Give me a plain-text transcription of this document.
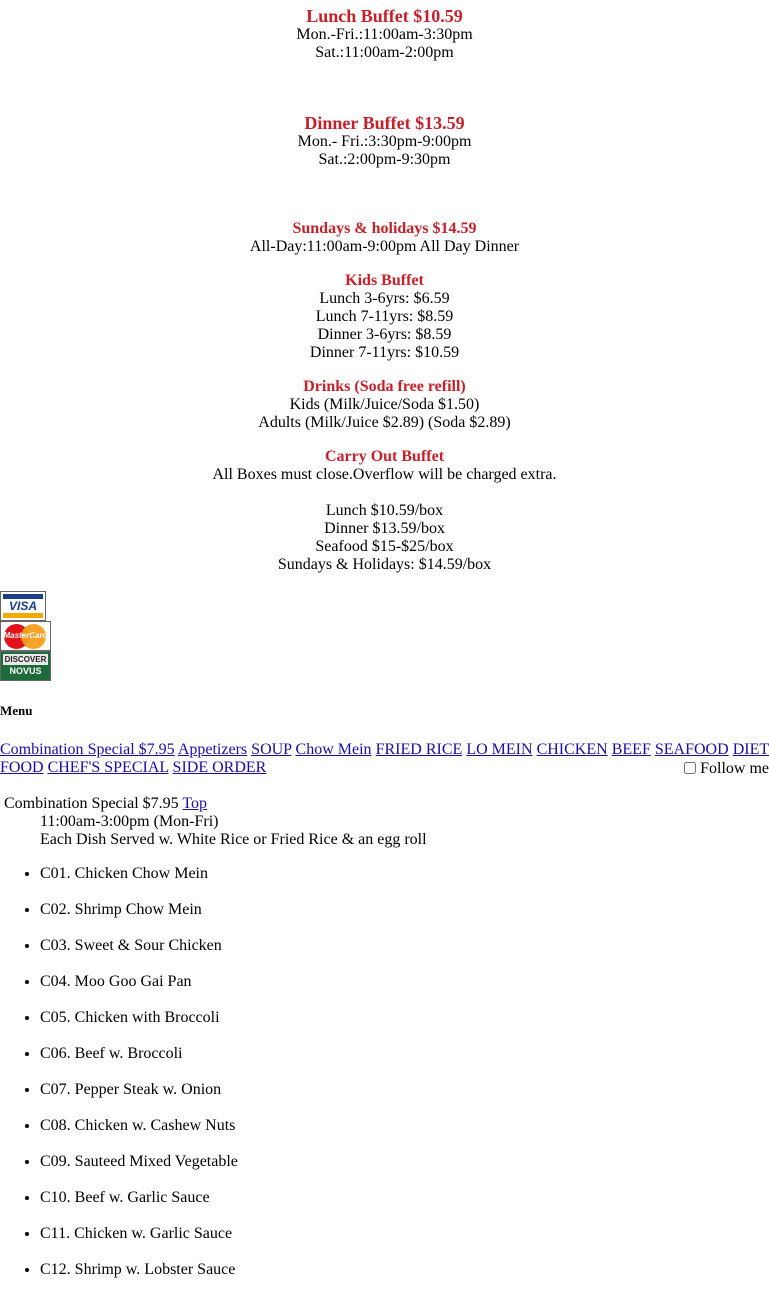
Lunch Buffet $10.59
Mon.-Fri.:11:00am-3:30pm
Sat.:11:00am-2:00pm
Dinner Buffet $13.59
Mon.- Fri.:3:30pm-9:00pm
Sat.:2:00pm-9:30pm
Sundays & holidays $14.59
All-Day:11:00am-9:00pm All Day Dinner
Kids Buffet
Lunch 3-6yrs: $6.59
Lunch 7-11yrs: $8.59
Dinner 3-6yrs: $8.59
Dinner 7-11yrs: $10.59
Drinks (Soda free refill)
Kids (Milk/Juice/Soda $1.50)
Adults (Milk/Juice $2.89) (Soda $2.89)
Carry Out Buffet
All Boxes must close.Overflow will be charged extra.
Lunch $10.59/box
Dinner $13.59/box
Seafood $15-$25/box
Sundays & Holidays: $14.59/box
VISA
MasterCard
DISCOVER
NOVUS
Menu
Combination Special $7.95 Appetizers SOUP Chow Mein FRIED RICE LO MEIN CHICKEN BEEF SEAFOOD DIET FOOD CHEF'S SPECIAL SIDE ORDER	Follow me
Combination Special $7.95 Top
11:00am-3:00pm (Mon-Fri)
Each Dish Served w. White Rice or Fried Rice & an egg roll
• C01. Chicken Chow Mein
• C02. Shrimp Chow Mein
• C03. Sweet & Sour Chicken
• C04. Moo Goo Gai Pan
• C05. Chicken with Broccoli
• C06. Beef w. Broccoli
• C07. Pepper Steak w. Onion
• C08. Chicken w. Cashew Nuts
• C09. Sauteed Mixed Vegetable
• C10. Beef w. Garlic Sauce
• C11. Chicken w. Garlic Sauce
• C12. Shrimp w. Lobster Sauce
